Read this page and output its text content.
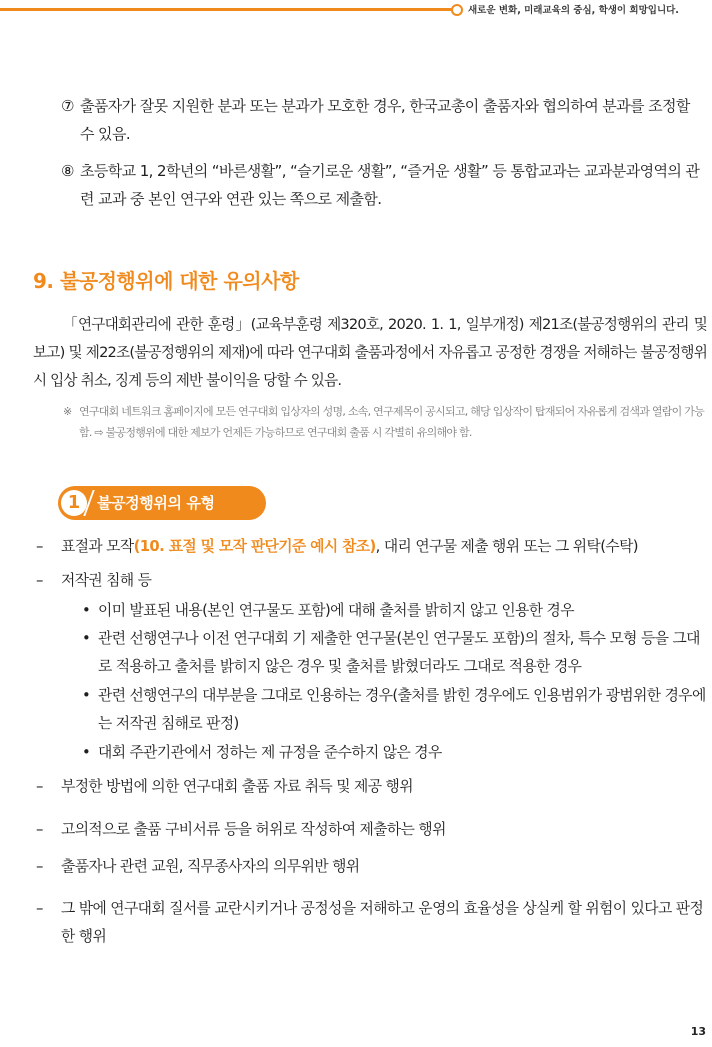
새로운 변화, 미래교육의 중심, 학생이 희망입니다.
⑦ 출품자가 잘못 지원한 분과 또는 분과가 모호한 경우, 한국교총이 출품자와 협의하여 분과를 조정할 수 있음.
⑧ 초등학교 1, 2학년의 “바른생활”, “슬기로운 생활”, “즐거운 생활” 등 통합교과는 교과분과영역의 관련 교과 중 본인 연구와 연관 있는 쪽으로 제출함.
9. 불공정행위에 대한 유의사항
「연구대회관리에 관한 훈령」(교육부훈령 제320호, 2020. 1. 1, 일부개정) 제21조(불공정행위의 관리 및 보고) 및 제22조(불공정행위의 제재)에 따라 연구대회 출품과정에서 자유롭고 공정한 경쟁을 저해하는 불공정행위 시 입상 취소, 징계 등의 제반 불이익을 당할 수 있음.
※ 연구대회 네트워크 홈페이지에 모든 연구대회 입상자의 성명, 소속, 연구제목이 공시되고, 해당 입상작이 탑재되어 자유롭게 검색과 열람이 가능함. ⇨ 불공정행위에 대한 제보가 언제든 가능하므로 연구대회 출품 시 각별히 유의해야 함.
1	불공정행위의 유형
–	표절과 모작(10. 표절 및 모작 판단기준 예시 참조), 대리 연구물 제출 행위 또는 그 위탁(수탁)
–	저작권 침해 등
• 이미 발표된 내용(본인 연구물도 포함)에 대해 출처를 밝히지 않고 인용한 경우
• 관련 선행연구나 이전 연구대회 기 제출한 연구물(본인 연구물도 포함)의 절차, 특수 모형 등을 그대로 적용하고 출처를 밝히지 않은 경우 및 출처를 밝혔더라도 그대로 적용한 경우
• 관련 선행연구의 대부분을 그대로 인용하는 경우(출처를 밝힌 경우에도 인용범위가 광범위한 경우에는 저작권 침해로 판정)
• 대회 주관기관에서 정하는 제 규정을 준수하지 않은 경우
–	부정한 방법에 의한 연구대회 출품 자료 취득 및 제공 행위
–	고의적으로 출품 구비서류 등을 허위로 작성하여 제출하는 행위
–	출품자나 관련 교원, 직무종사자의 의무위반 행위
–	그 밖에 연구대회 질서를 교란시키거나 공정성을 저해하고 운영의 효율성을 상실케 할 위험이 있다고 판정한 행위
13
